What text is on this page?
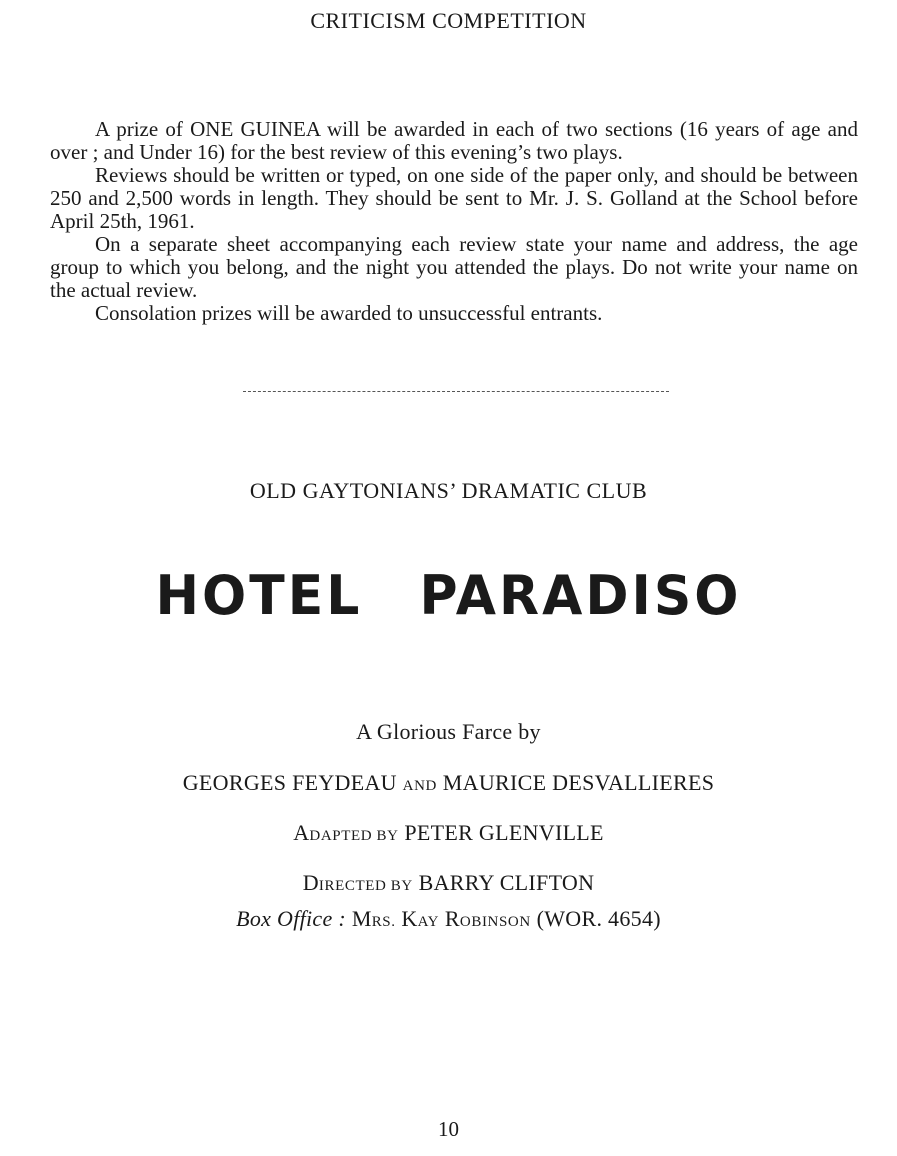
CRITICISM COMPETITION

A prize of ONE GUINEA will be awarded in each of two sections (16 years of age and over ; and Under 16) for the best review of this evening’s two plays.

Reviews should be written or typed, on one side of the paper only, and should be between 250 and 2,500 words in length. They should be sent to Mr. J. S. Golland at the School before April 25th, 1961.

On a separate sheet accompanying each review state your name and address, the age group to which you belong, and the night you attended the plays. Do not write your name on the actual review.

Consolation prizes will be awarded to unsuccessful entrants.

OLD GAYTONIANS’ DRAMATIC CLUB
HOTEL PARADISO
A Glorious Farce by
GEORGES FEYDEAU AND MAURICE DESVALLIERES
ADAPTED BY PETER GLENVILLE
DIRECTED BY BARRY CLIFTON
Box Office : MRS. KAY ROBINSON (WOR. 4654)
10
